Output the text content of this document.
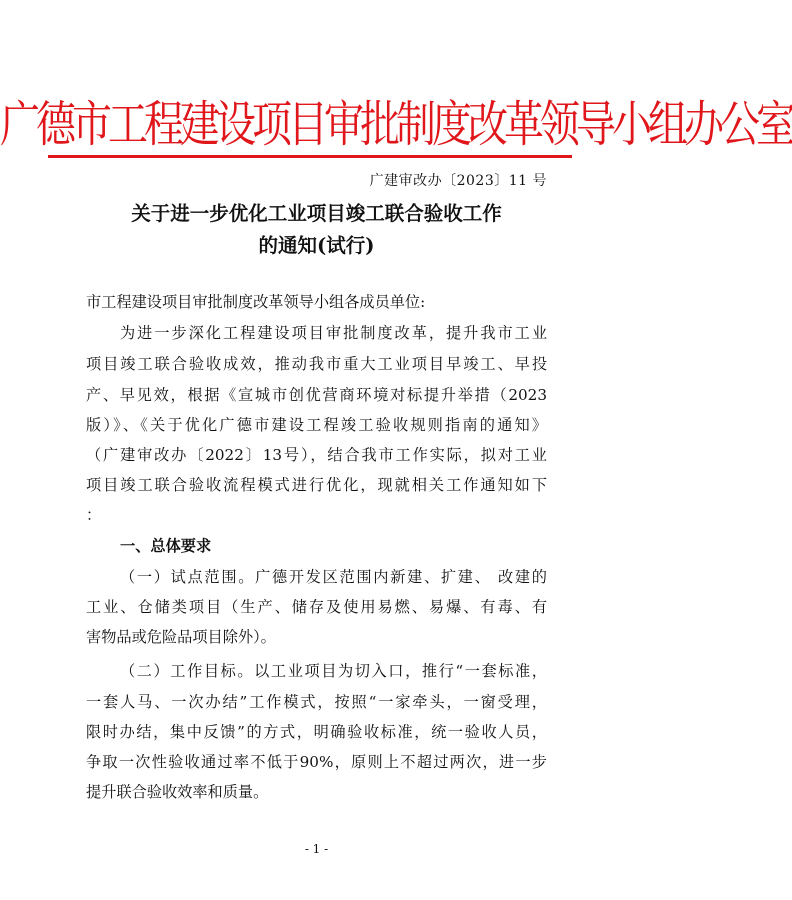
广德市工程建设项目审批制度改革领导小组办公室
广建审改办〔2023〕11 号
关于进一步优化工业项目竣工联合验收工作
的通知(试行)
市工程建设项目审批制度改革领导小组各成员单位:
为进一步深化工程建设项目审批制度改革，提升我市工业
项目竣工联合验收成效，推动我市重大工业项目早竣工、早投
产、早见效，根据《宣城市创优营商环境对标提升举措（2023
版）》、《关于优化广德市建设工程竣工验收规则指南的通知》
（广建审改办〔2022〕13号），结合我市工作实际，拟对工业
项目竣工联合验收流程模式进行优化，现就相关工作通知如下
：
一、总体要求
（一）试点范围。广德开发区范围内新建、扩建、 改建的
工业、仓储类项目（生产、储存及使用易燃、易爆、有毒、有
害物品或危险品项目除外）。
（二）工作目标。以工业项目为切入口，推行“一套标准，
一套人马、一次办结”工作模式，按照“一家牵头，一窗受理，
限时办结，集中反馈”的方式，明确验收标准，统一验收人员，
争取一次性验收通过率不低于90%，原则上不超过两次，进一步
提升联合验收效率和质量。
- 1 -
